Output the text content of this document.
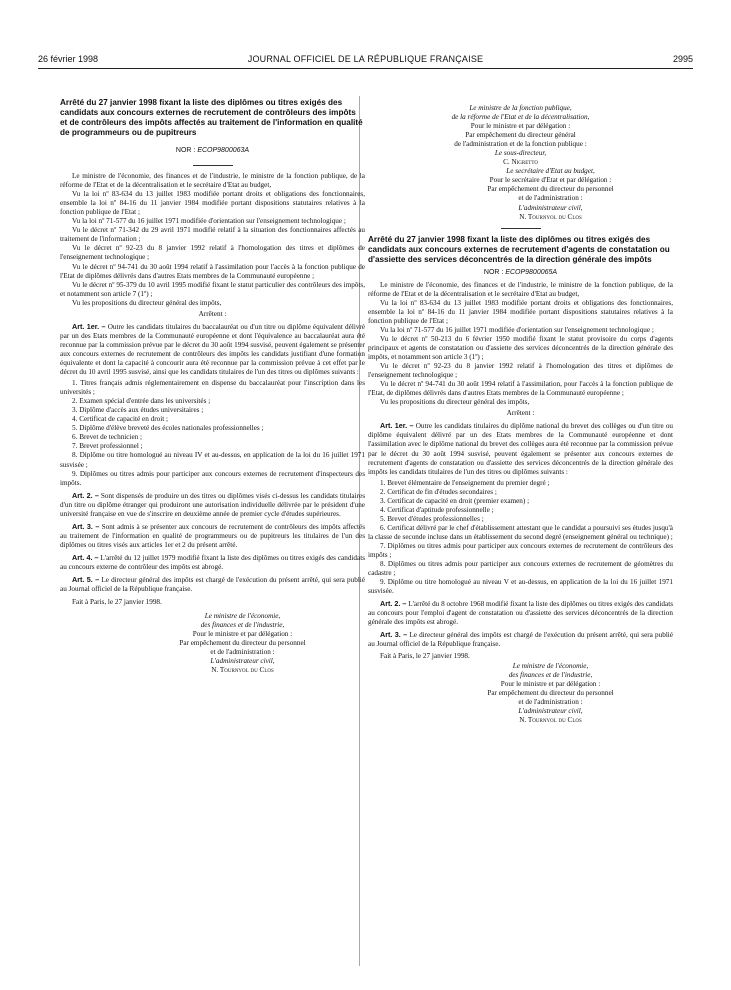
26 février 1998	JOURNAL OFFICIEL DE LA RÉPUBLIQUE FRANÇAISE	2995

Arrêté du 27 janvier 1998 fixant la liste des diplômes ou titres exigés des candidats aux concours externes de recrutement de contrôleurs des impôts et de contrôleurs des impôts affectés au traitement de l'information en qualité de programmeurs ou de pupitreurs

NOR : ECOP9800063A

Le ministre de l'économie, des finances et de l'industrie, le ministre de la fonction publique, de la réforme de l'Etat et de la décentralisation et le secrétaire d'Etat au budget,

Vu la loi nº 83-634 du 13 juillet 1983 modifiée portant droits et obligations des fonctionnaires, ensemble la loi nº 84-16 du 11 janvier 1984 modifiée portant dispositions statutaires relatives à la fonction publique de l'Etat ;

Vu la loi nº 71-577 du 16 juillet 1971 modifiée d'orientation sur l'enseignement technologique ;

Vu le décret nº 71-342 du 29 avril 1971 modifié relatif à la situation des fonctionnaires affectés au traitement de l'information ;

Vu le décret nº 92-23 du 8 janvier 1992 relatif à l'homologation des titres et diplômes de l'enseignement technologique ;

Vu le décret nº 94-741 du 30 août 1994 relatif à l'assimilation pour l'accès à la fonction publique de l'Etat de diplômes délivrés dans d'autres Etats membres de la Communauté européenne ;

Vu le décret nº 95-379 du 10 avril 1995 modifié fixant le statut particulier des contrôleurs des impôts, et notamment son article 7 (1º) ;

Vu les propositions du directeur général des impôts,

Arrêtent :

Art. 1er. – Outre les candidats titulaires du baccalauréat ou d'un titre ou diplôme équivalent délivré par un des Etats membres de la Communauté européenne et dont l'équivalence au baccalauréat aura été reconnue par la commission prévue par le décret du 30 août 1994 susvisé, peuvent également se présenter aux concours externes de recrutement de contrôleurs des impôts les candidats justifiant d'une formation équivalente et dont la capacité à concourir aura été reconnue par la commission prévue à cet effet par le décret du 10 avril 1995 susvisé, ainsi que les candidats titulaires de l'un des titres ou diplômes suivants :

1. Titres français admis réglementairement en dispense du baccalauréat pour l'inscription dans les universités ;
2. Examen spécial d'entrée dans les universités ;
3. Diplôme d'accès aux études universitaires ;
4. Certificat de capacité en droit ;
5. Diplôme d'élève breveté des écoles nationales professionnelles ;
6. Brevet de technicien ;
7. Brevet professionnel ;
8. Diplôme ou titre homologué au niveau IV et au-dessus, en application de la loi du 16 juillet 1971 susvisée ;
9. Diplômes ou titres admis pour participer aux concours externes de recrutement d'inspecteurs des impôts.

Art. 2. – Sont dispensés de produire un des titres ou diplômes visés ci-dessus les candidats titulaires d'un titre ou diplôme étranger qui produiront une autorisation individuelle délivrée par le président d'une université française en vue de s'inscrire en deuxième année de premier cycle d'études supérieures.

Art. 3. – Sont admis à se présenter aux concours de recrutement de contrôleurs des impôts affectés au traitement de l'information en qualité de programmeurs ou de pupitreurs les titulaires de l'un des diplômes ou titres visés aux articles 1er et 2 du présent arrêté.

Art. 4. – L'arrêté du 12 juillet 1979 modifié fixant la liste des diplômes ou titres exigés des candidats au concours externe de contrôleur des impôts est abrogé.

Art. 5. – Le directeur général des impôts est chargé de l'exécution du présent arrêté, qui sera publié au Journal officiel de la République française.

Fait à Paris, le 27 janvier 1998.

Le ministre de l'économie,

des finances et de l'industrie,

Pour le ministre et par délégation :

Par empêchement du directeur du personnel

et de l'administration :

L'administrateur civil,

N. Tournyol du Clos

Le ministre de la fonction publique,

de la réforme de l'Etat et de la décentralisation,

Pour le ministre et par délégation :

Par empêchement du directeur général

de l'administration et de la fonction publique :

Le sous-directeur,

C. Nigretto

Le secrétaire d'Etat au budget,

Pour le secrétaire d'Etat et par délégation :

Par empêchement du directeur du personnel

et de l'administration :

L'administrateur civil,

N. Tournyol du Clos

Arrêté du 27 janvier 1998 fixant la liste des diplômes ou titres exigés des candidats aux concours externes de recrutement d'agents de constatation ou d'assiette des services déconcentrés de la direction générale des impôts

NOR : ECOP9800065A

Le ministre de l'économie, des finances et de l'industrie, le ministre de la fonction publique, de la réforme de l'Etat et de la décentralisation et le secrétaire d'Etat au budget,

Vu la loi nº 83-634 du 13 juillet 1983 modifiée portant droits et obligations des fonctionnaires, ensemble la loi nº 84-16 du 11 janvier 1984 modifiée portant dispositions statutaires relatives à la fonction publique de l'Etat ;

Vu la loi nº 71-577 du 16 juillet 1971 modifiée d'orientation sur l'enseignement technologique ;

Vu le décret nº 50-213 du 6 février 1950 modifié fixant le statut provisoire du corps d'agents principaux et agents de constatation ou d'assiette des services déconcentrés de la direction générale des impôts, et notamment son article 3 (1º) ;

Vu le décret nº 92-23 du 8 janvier 1992 relatif à l'homologation des titres et diplômes de l'enseignement technologique ;

Vu le décret nº 94-741 du 30 août 1994 relatif à l'assimilation, pour l'accès à la fonction publique de l'Etat, de diplômes délivrés dans d'autres Etats membres de la Communauté européenne ;

Vu les propositions du directeur général des impôts,

Arrêtent :

Art. 1er. – Outre les candidats titulaires du diplôme national du brevet des collèges ou d'un titre ou diplôme équivalent délivré par un des Etats membres de la Communauté européenne et dont l'assimilation avec le diplôme national du brevet des collèges aura été reconnue par la commission prévue par le décret du 30 août 1994 susvisé, peuvent également se présenter aux concours externes de recrutement d'agents de constatation ou d'assiette des services déconcentrés de la direction générale des impôts les candidats titulaires de l'un des titres ou diplômes suivants :

1. Brevet élémentaire de l'enseignement du premier degré ;
2. Certificat de fin d'études secondaires ;
3. Certificat de capacité en droit (premier examen) ;
4. Certificat d'aptitude professionnelle ;
5. Brevet d'études professionnelles ;
6. Certificat délivré par le chef d'établissement attestant que le candidat a poursuivi ses études jusqu'à la classe de seconde incluse dans un établissement du second degré (enseignement général ou technique) ;
7. Diplômes ou titres admis pour participer aux concours externes de recrutement de contrôleurs des impôts ;
8. Diplômes ou titres admis pour participer aux concours externes de recrutement de géomètres du cadastre ;
9. Diplôme ou titre homologué au niveau V et au-dessus, en application de la loi du 16 juillet 1971 susvisée.

Art. 2. – L'arrêté du 8 octobre 1968 modifié fixant la liste des diplômes ou titres exigés des candidats au concours pour l'emploi d'agent de constatation ou d'assiette des services déconcentrés de la direction générale des impôts est abrogé.

Art. 3. – Le directeur général des impôts est chargé de l'exécution du présent arrêté, qui sera publié au Journal officiel de la République française.

Fait à Paris, le 27 janvier 1998.

Le ministre de l'économie,

des finances et de l'industrie,

Pour le ministre et par délégation :

Par empêchement du directeur du personnel

et de l'administration :

L'administrateur civil,

N. Tournyol du Clos
